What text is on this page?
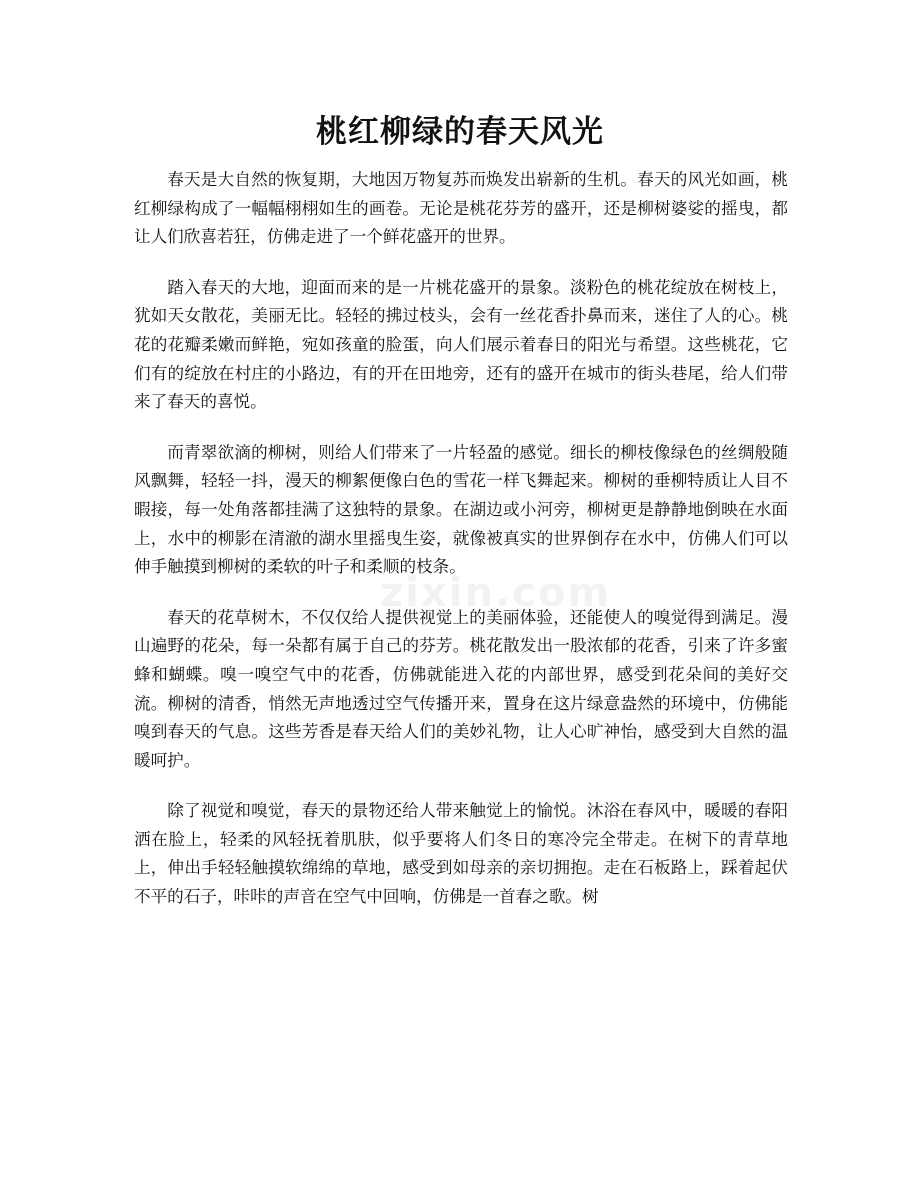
桃红柳绿的春天风光
zixin.com

春天是大自然的恢复期，大地因万物复苏而焕发出崭新的生机。春天的风光如画，桃红柳绿构成了一幅幅栩栩如生的画卷。无论是桃花芬芳的盛开，还是柳树婆娑的摇曳，都让人们欣喜若狂，仿佛走进了一个鲜花盛开的世界。

踏入春天的大地，迎面而来的是一片桃花盛开的景象。淡粉色的桃花绽放在树枝上，犹如天女散花，美丽无比。轻轻的拂过枝头，会有一丝花香扑鼻而来，迷住了人的心。桃花的花瓣柔嫩而鲜艳，宛如孩童的脸蛋，向人们展示着春日的阳光与希望。这些桃花，它们有的绽放在村庄的小路边，有的开在田地旁，还有的盛开在城市的街头巷尾，给人们带来了春天的喜悦。

而青翠欲滴的柳树，则给人们带来了一片轻盈的感觉。细长的柳枝像绿色的丝绸般随风飘舞，轻轻一抖，漫天的柳絮便像白色的雪花一样飞舞起来。柳树的垂柳特质让人目不暇接，每一处角落都挂满了这独特的景象。在湖边或小河旁，柳树更是静静地倒映在水面上，水中的柳影在清澈的湖水里摇曳生姿，就像被真实的世界倒存在水中，仿佛人们可以伸手触摸到柳树的柔软的叶子和柔顺的枝条。

春天的花草树木，不仅仅给人提供视觉上的美丽体验，还能使人的嗅觉得到满足。漫山遍野的花朵，每一朵都有属于自己的芬芳。桃花散发出一股浓郁的花香，引来了许多蜜蜂和蝴蝶。嗅一嗅空气中的花香，仿佛就能进入花的内部世界，感受到花朵间的美好交流。柳树的清香，悄然无声地透过空气传播开来，置身在这片绿意盎然的环境中，仿佛能嗅到春天的气息。这些芳香是春天给人们的美妙礼物，让人心旷神怡，感受到大自然的温暖呵护。

除了视觉和嗅觉，春天的景物还给人带来触觉上的愉悦。沐浴在春风中，暖暖的春阳洒在脸上，轻柔的风轻抚着肌肤，似乎要将人们冬日的寒冷完全带走。在树下的青草地上，伸出手轻轻触摸软绵绵的草地，感受到如母亲的亲切拥抱。走在石板路上，踩着起伏不平的石子，咔咔的声音在空气中回响，仿佛是一首春之歌。树
